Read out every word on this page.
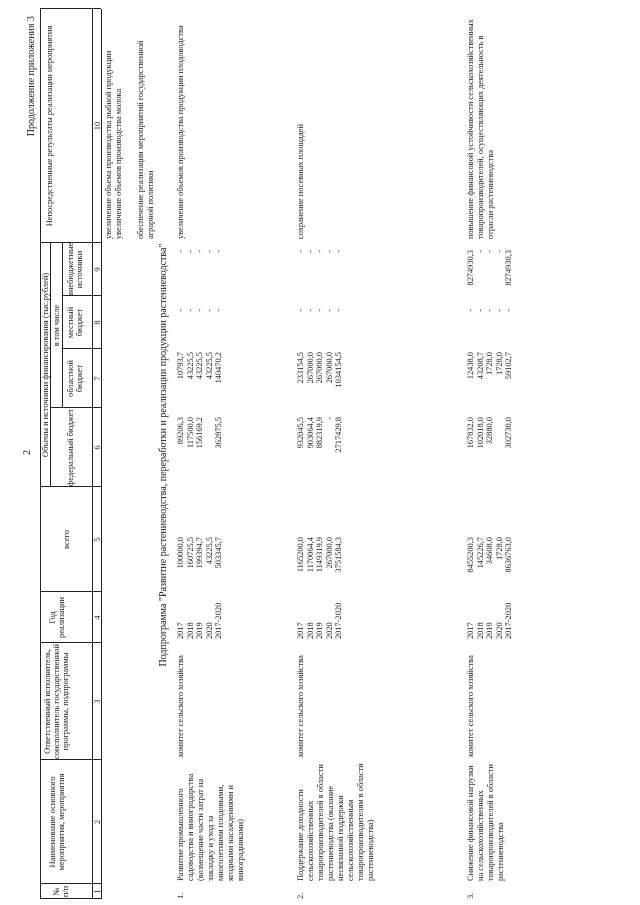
2
Продолжение приложения 3
№ п/п
Наименование основного мероприятия, мероприятия
Ответственный исполнитель, соисполнитель государственной программы, подпрограммы
Год реализации
Объемы и источники финансирования (тыс.рублей)
всего
в том числе
федеральный бюджет
областной бюджет
местный бюджет
внебюджетные источники
Непосредственные результаты реализации мероприятия
1
2
3
4
5
6
7
8
9
10 увеличение объема производства рыбной продукции увеличение объемов производства молока обеспечение реализации мероприятий государственной аграрной политики
Подпрограмма "Развитие растениеводства, переработки и реализации продукции растениеводства"
1.
Развитие промышленного садоводства и виноградарства (возмещение части затрат на закладку и уход за многолетними плодовыми, ягодными насаждениями и виноградниками)
комитет сельского хозяйства
2017 2018 2019 2020 2017-2020
100000,0 160725,5 199394,7 43225,5 503345,7
89206,3 117500,0 156169,2 362875,5
10793,7 43225,5 43225,5 43225,5 140470,2
- - - - -
- - - - -
увеличение объемов производства продукции плодоводства
2.
Поддержание доходности сельскохозяйственных товаропроизводителей в области растениеводства (оказание несвязанной поддержки сельскохозяйственным товаропроизводителям в области растениеводства)
комитет сельского хозяйства
2017 2018 2019 2020 2017-2020
1165200,0 1170064,4 1149319,9 267000,0 3751584,3
932045,5 903064,4 882319,9 - 2717429,8
233154,5 267000,0 267000,0 267000,0 1034154,5
- - - - -
- - - - -
сохранение посевных площадей
3.
Снижение финансовой нагрузки на сельскохозяйственных товаропроизводителей в области растениеводства
комитет сельского хозяйства
2017 2018 2019 2020 2017-2020
8455200,3 145226,7 34608,0 1728,0 8636763,0
167832,0 102018,0 32880,0 302730,0
12438,0 43208,7 1728,0 1728,0 59102,7
- - - - -
8274930,3 - - - 8274930,3
повышение финансовой устойчивости сельскохозяйственных товаропроизводителей, осуществляющих деятельность в отрасли растениеводства
